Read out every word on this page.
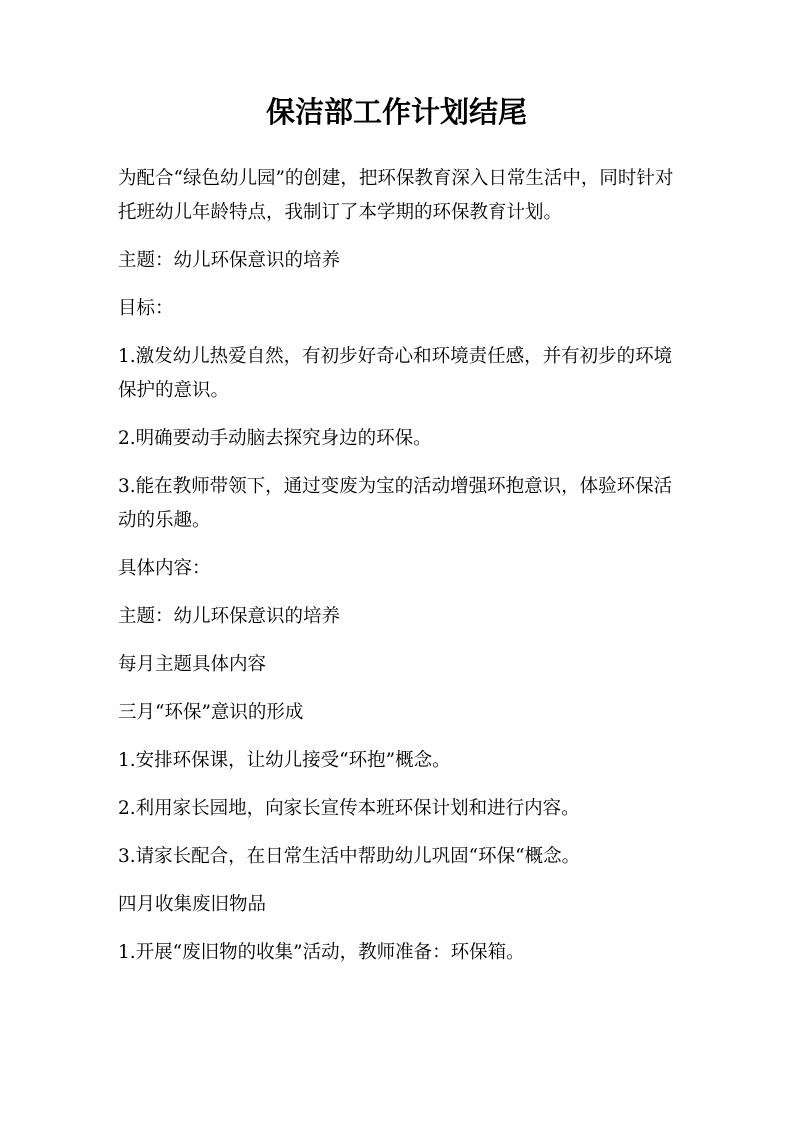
保洁部工作计划结尾

为配合“绿色幼儿园”的创建，把环保教育深入日常生活中，同时针对托班幼儿年龄特点，我制订了本学期的环保教育计划。

主题：幼儿环保意识的培养

目标：

1.激发幼儿热爱自然，有初步好奇心和环境责任感，并有初步的环境保护的意识。

2.明确要动手动脑去探究身边的环保。

3.能在教师带领下，通过变废为宝的活动增强环抱意识，体验环保活动的乐趣。

具体内容：

主题：幼儿环保意识的培养

每月主题具体内容

三月“环保”意识的形成

1.安排环保课，让幼儿接受“环抱”概念。

2.利用家长园地，向家长宣传本班环保计划和进行内容。

3.请家长配合，在日常生活中帮助幼儿巩固“环保“概念。

四月收集废旧物品

1.开展“废旧物的收集”活动，教师准备：环保箱。
